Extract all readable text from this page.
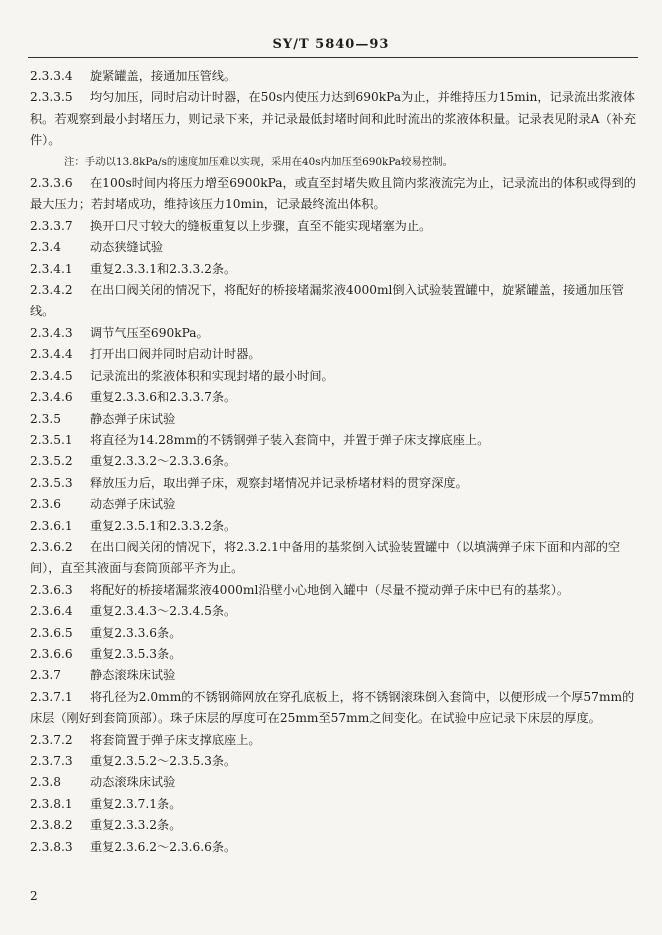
SY/T 5840—93
2.3.3.4 旋紧罐盖，接通加压管线。
2.3.3.5 均匀加压，同时启动计时器，在50s内使压力达到690kPa为止，并维持压力15min，记录流出浆液体积。若观察到最小封堵压力，则记录下来，并记录最低封堵时间和此时流出的浆液体积量。记录表见附录A（补充件）。
注：手动以13.8kPa/s的速度加压难以实现，采用在40s内加压至690kPa较易控制。
2.3.3.6 在100s时间内将压力增至6900kPa，或直至封堵失败且筒内浆液流完为止，记录流出的体积或得到的最大压力；若封堵成功，维持该压力10min，记录最终流出体积。
2.3.3.7 换开口尺寸较大的缝板重复以上步骤，直至不能实现堵塞为止。
2.3.4 动态狭缝试验
2.3.4.1 重复2.3.3.1和2.3.3.2条。
2.3.4.2 在出口阀关闭的情况下，将配好的桥接堵漏浆液4000ml倒入试验装置罐中，旋紧罐盖，接通加压管线。
2.3.4.3 调节气压至690kPa。
2.3.4.4 打开出口阀并同时启动计时器。
2.3.4.5 记录流出的浆液体积和实现封堵的最小时间。
2.3.4.6 重复2.3.3.6和2.3.3.7条。
2.3.5 静态弹子床试验
2.3.5.1 将直径为14.28mm的不锈钢弹子装入套筒中，并置于弹子床支撑底座上。
2.3.5.2 重复2.3.3.2～2.3.3.6条。
2.3.5.3 释放压力后，取出弹子床，观察封堵情况并记录桥堵材料的贯穿深度。
2.3.6 动态弹子床试验
2.3.6.1 重复2.3.5.1和2.3.3.2条。
2.3.6.2 在出口阀关闭的情况下，将2.3.2.1中备用的基浆倒入试验装置罐中（以填满弹子床下面和内部的空间），直至其液面与套筒顶部平齐为止。
2.3.6.3 将配好的桥接堵漏浆液4000ml沿壁小心地倒入罐中（尽量不搅动弹子床中已有的基浆）。
2.3.6.4 重复2.3.4.3～2.3.4.5条。
2.3.6.5 重复2.3.3.6条。
2.3.6.6 重复2.3.5.3条。
2.3.7 静态滚珠床试验
2.3.7.1 将孔径为2.0mm的不锈钢筛网放在穿孔底板上，将不锈钢滚珠倒入套筒中，以便形成一个厚57mm的床层（刚好到套筒顶部）。珠子床层的厚度可在25mm至57mm之间变化。在试验中应记录下床层的厚度。
2.3.7.2 将套筒置于弹子床支撑底座上。
2.3.7.3 重复2.3.5.2～2.3.5.3条。
2.3.8 动态滚珠床试验
2.3.8.1 重复2.3.7.1条。
2.3.8.2 重复2.3.3.2条。
2.3.8.3 重复2.3.6.2～2.3.6.6条。
2
